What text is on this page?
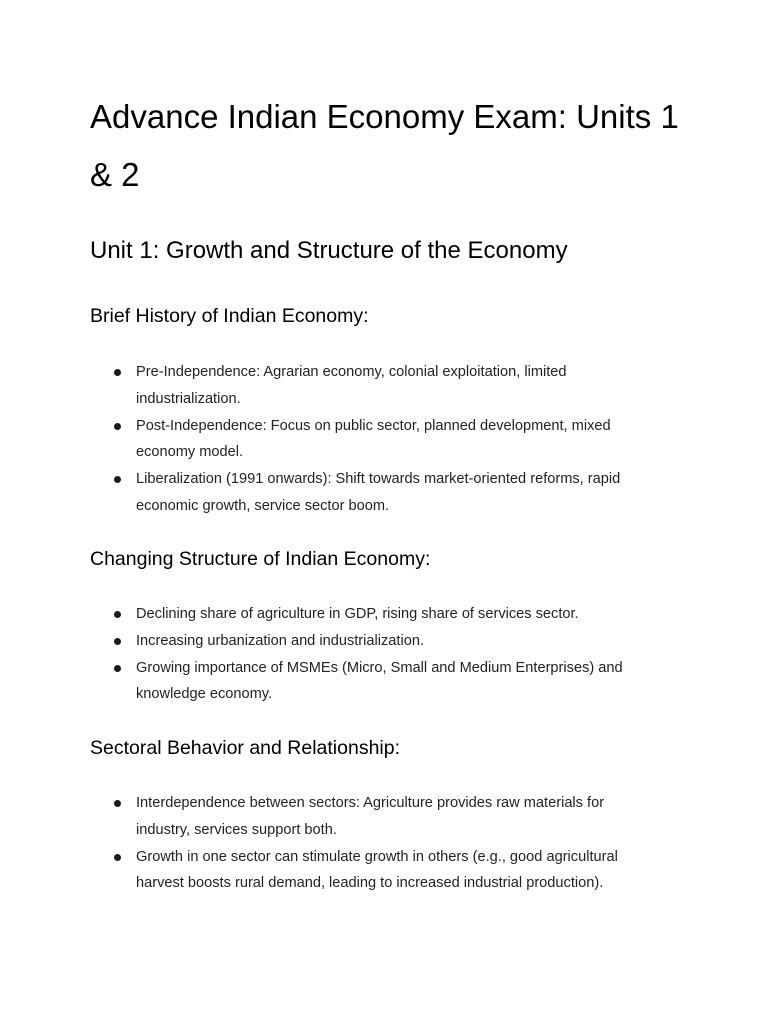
Advance Indian Economy Exam: Units 1 & 2
Unit 1: Growth and Structure of the Economy
Brief History of Indian Economy:
Pre-Independence: Agrarian economy, colonial exploitation, limited industrialization.
Post-Independence: Focus on public sector, planned development, mixed economy model.
Liberalization (1991 onwards): Shift towards market-oriented reforms, rapid economic growth, service sector boom.
Changing Structure of Indian Economy:
Declining share of agriculture in GDP, rising share of services sector.
Increasing urbanization and industrialization.
Growing importance of MSMEs (Micro, Small and Medium Enterprises) and knowledge economy.
Sectoral Behavior and Relationship:
Interdependence between sectors: Agriculture provides raw materials for industry, services support both.
Growth in one sector can stimulate growth in others (e.g., good agricultural harvest boosts rural demand, leading to increased industrial production).
